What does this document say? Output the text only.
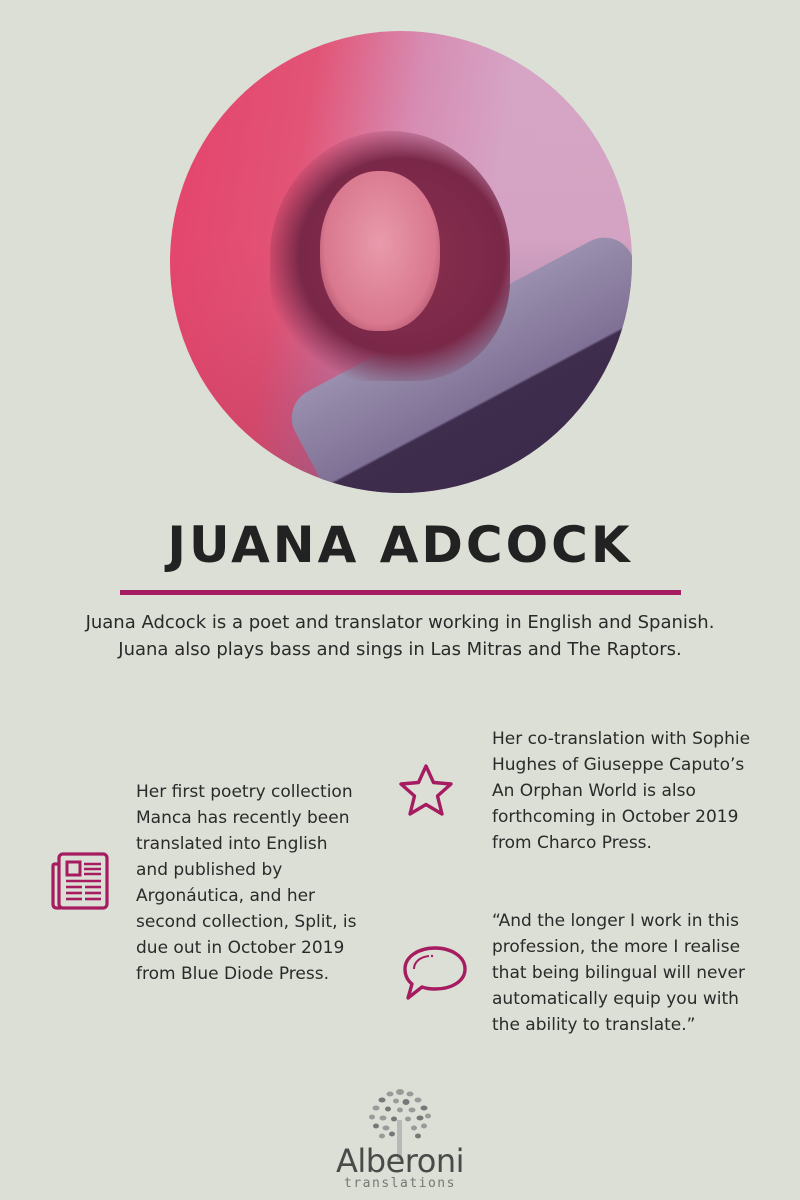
JUANA ADCOCK

Juana Adcock is a poet and translator working in English and Spanish.

Juana also plays bass and sings in Las Mitras and The Raptors.

Her first poetry collection

Manca has recently been

translated into English

and published by

Argonáutica, and her

second collection, Split, is

due out in October 2019

from Blue Diode Press.

Her co-translation with Sophie

Hughes of Giuseppe Caputo’s

An Orphan World is also

forthcoming in October 2019

from Charco Press.

“And the longer I work in this

profession, the more I realise

that being bilingual will never

automatically equip you with

the ability to translate.”

Alberoni
translations
